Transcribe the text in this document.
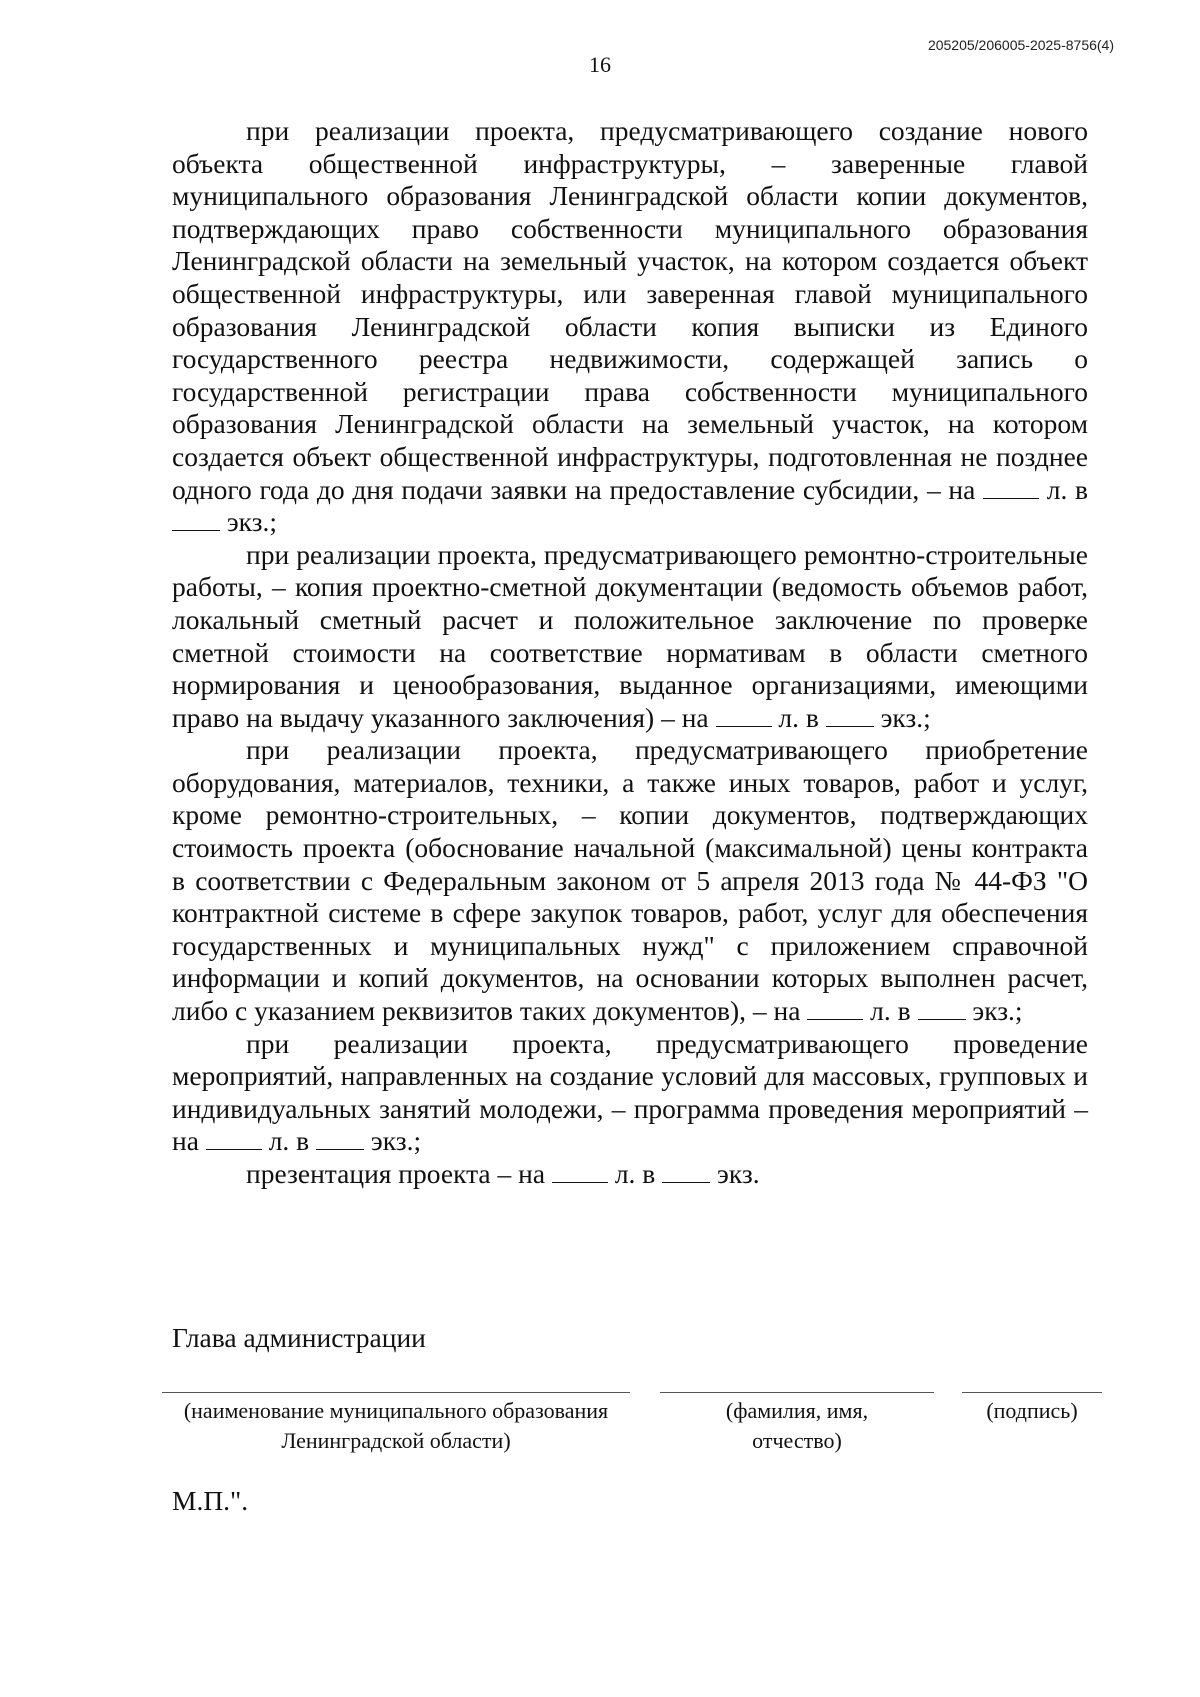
205205/206005-2025-8756(4)
16

при реализации проекта, предусматривающего создание нового объекта общественной инфраструктуры, – заверенные главой муниципального образования Ленинградской области копии документов, подтверждающих право собственности муниципального образования Ленинградской области на земельный участок, на котором создается объект общественной инфраструктуры, или заверенная главой муниципального образования Ленинградской области копия выписки из Единого государственного реестра недвижимости, содержащей запись о государственной регистрации права собственности муниципального образования Ленинградской области на земельный участок, на котором создается объект общественной инфраструктуры, подготовленная не позднее одного года до дня подачи заявки на предоставление субсидии, – на	л. в  экз.;

при реализации проекта, предусматривающего ремонтно-строительные работы, – копия проектно-сметной документации (ведомость объемов работ, локальный сметный расчет и положительное заключение по проверке сметной стоимости на соответствие нормативам в области сметного нормирования и ценообразования, выданное организациями, имеющими право на выдачу указанного заключения) – на	л. в экз.;

при реализации проекта, предусматривающего приобретение оборудования, материалов, техники, а также иных товаров, работ и услуг, кроме ремонтно-строительных, – копии документов, подтверждающих стоимость проекта (обоснование начальной (максимальной) цены контракта в соответствии с Федеральным законом от 5 апреля 2013 года № 44-ФЗ "О контрактной системе в сфере закупок товаров, работ, услуг для обеспечения государственных и муниципальных нужд" с приложением справочной информации и копий документов, на основании которых выполнен расчет, либо с указанием реквизитов таких документов), – на	л. в экз.;

при реализации проекта, предусматривающего проведение мероприятий, направленных на создание условий для массовых, групповых и индивидуальных занятий молодежи, – программа проведения мероприятий – на	л. в экз.;

презентация проекта – на	л. в экз.

Глава администрации
(наименование муниципального образования Ленинградской области)
(фамилия, имя, отчество)
(подпись)
М.П.".
